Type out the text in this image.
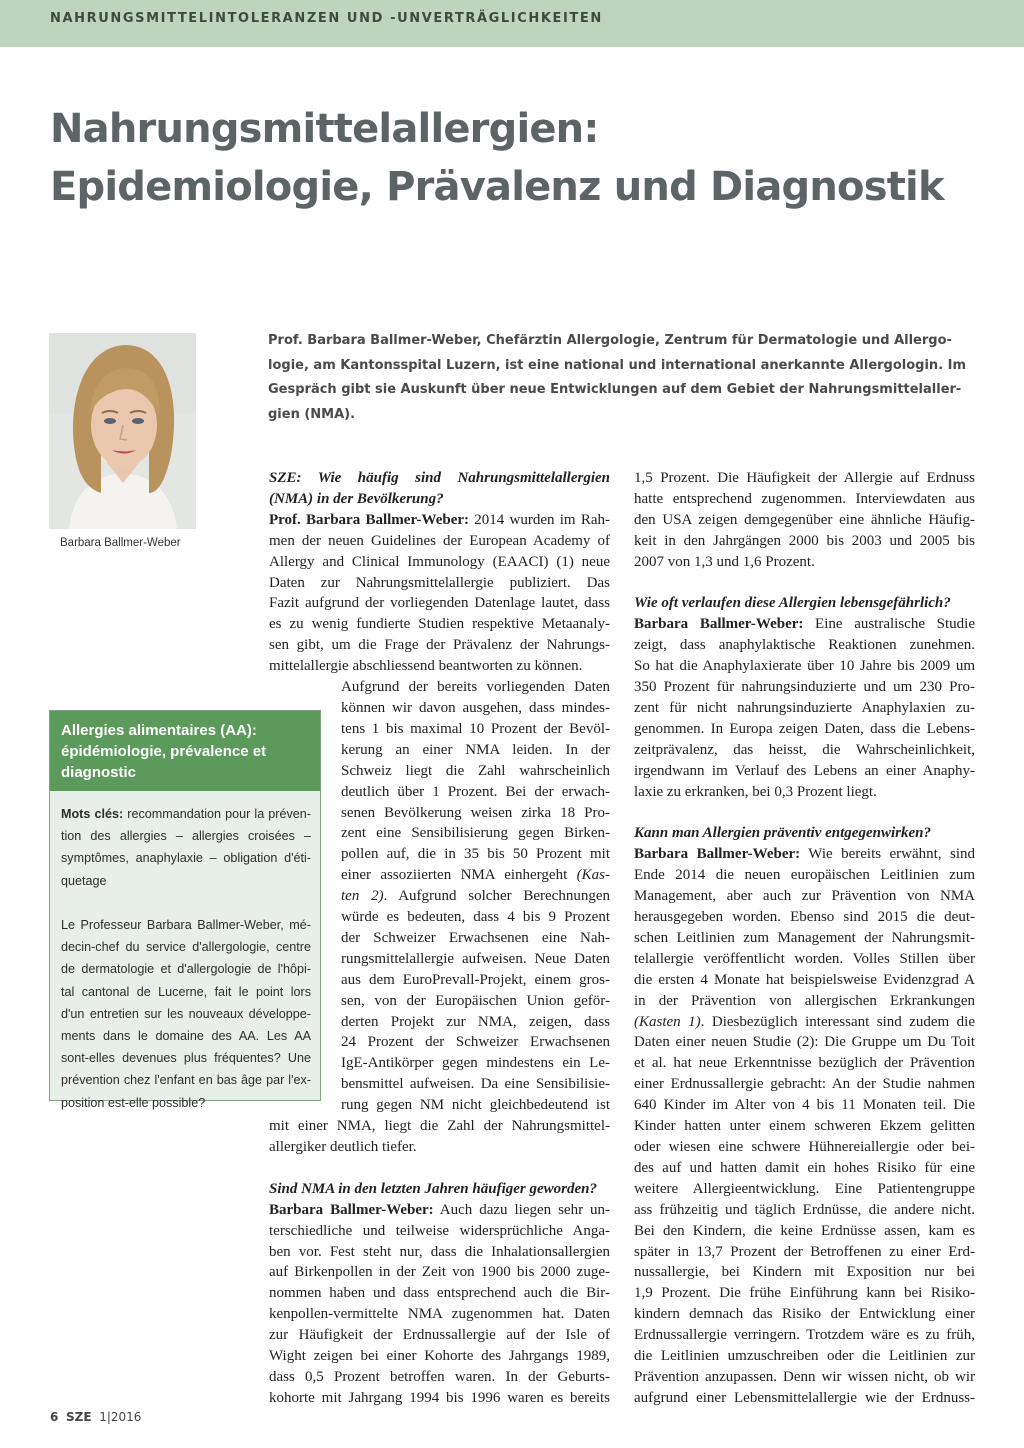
NAHRUNGSMITTELINTOLERANZEN UND -UNVERTRÄGLICHKEITEN
Nahrungsmittelallergien:
Epidemiologie, Prävalenz und Diagnostik
Barbara Ballmer-Weber
Prof. Barbara Ballmer-Weber, Chefärztin Allergologie, Zentrum für Dermatologie und Allergo-
logie, am Kantonsspital Luzern, ist eine national und international anerkannte Allergologin. Im
Gespräch gibt sie Auskunft über neue Entwicklungen auf dem Gebiet der Nahrungsmittelaller-
gien (NMA).
SZE: Wie häufig sind Nahrungsmittelallergien
(NMA) in der Bevölkerung?
Prof. Barbara Ballmer-Weber: 2014 wurden im Rah-
men der neuen Guidelines der European Academy of
Allergy and Clinical Immunology (EAACI) (1) neue
Daten zur Nahrungsmittelallergie publiziert. Das
Fazit aufgrund der vorliegenden Datenlage lautet, dass
es zu wenig fundierte Studien respektive Metaanaly-
sen gibt, um die Frage der Prävalenz der Nahrungs-
mittelallergie abschliessend beantworten zu können.
Aufgrund der bereits vorliegenden Daten
können wir davon ausgehen, dass mindes-
tens 1 bis maximal 10 Prozent der Bevöl-
kerung an einer NMA leiden. In der
Schweiz liegt die Zahl wahrscheinlich
deutlich über 1 Prozent. Bei der erwach-
senen Bevölkerung weisen zirka 18 Pro-
zent eine Sensibilisierung gegen Birken-
pollen auf, die in 35 bis 50 Prozent mit
einer assoziierten NMA einhergeht (Kas-
ten 2). Aufgrund solcher Berechnungen
würde es bedeuten, dass 4 bis 9 Prozent
der Schweizer Erwachsenen eine Nah-
rungsmittelallergie aufweisen. Neue Daten
aus dem EuroPrevall-Projekt, einem gros-
sen, von der Europäischen Union geför-
derten Projekt zur NMA, zeigen, dass
24 Prozent der Schweizer Erwachsenen
IgE-Antikörper gegen mindestens ein Le-
bensmittel aufweisen. Da eine Sensibilisie-
rung gegen NM nicht gleichbedeutend ist
mit einer NMA, liegt die Zahl der Nahrungsmittel-
allergiker deutlich tiefer.
Sind NMA in den letzten Jahren häufiger geworden?
Barbara Ballmer-Weber: Auch dazu liegen sehr un-
terschiedliche und teilweise widersprüchliche Anga-
ben vor. Fest steht nur, dass die Inhalationsallergien
auf Birkenpollen in der Zeit von 1900 bis 2000 zuge-
nommen haben und dass entsprechend auch die Bir-
kenpollen-vermittelte NMA zugenommen hat. Daten
zur Häufigkeit der Erdnussallergie auf der Isle of
Wight zeigen bei einer Kohorte des Jahrgangs 1989,
dass 0,5 Prozent betroffen waren. In der Geburts-
kohorte mit Jahrgang 1994 bis 1996 waren es bereits
1,5 Prozent. Die Häufigkeit der Allergie auf Erdnuss
hatte entsprechend zugenommen. Interviewdaten aus
den USA zeigen demgegenüber eine ähnliche Häufig-
keit in den Jahrgängen 2000 bis 2003 und 2005 bis
2007 von 1,3 und 1,6 Prozent.
Wie oft verlaufen diese Allergien lebensgefährlich?
Barbara Ballmer-Weber: Eine australische Studie
zeigt, dass anaphylaktische Reaktionen zunehmen.
So hat die Anaphylaxierate über 10 Jahre bis 2009 um
350 Prozent für nahrungsinduzierte und um 230 Pro-
zent für nicht nahrungsinduzierte Anaphylaxien zu-
genommen. In Europa zeigen Daten, dass die Lebens-
zeitprävalenz, das heisst, die Wahrscheinlichkeit,
irgendwann im Verlauf des Lebens an einer Anaphy-
laxie zu erkranken, bei 0,3 Prozent liegt.
Kann man Allergien präventiv entgegenwirken?
Barbara Ballmer-Weber: Wie bereits erwähnt, sind
Ende 2014 die neuen europäischen Leitlinien zum
Management, aber auch zur Prävention von NMA
herausgegeben worden. Ebenso sind 2015 die deut-
schen Leitlinien zum Management der Nahrungsmit-
telallergie veröffentlicht worden. Volles Stillen über
die ersten 4 Monate hat beispielsweise Evidenzgrad A
in der Prävention von allergischen Erkrankungen
(Kasten 1). Diesbezüglich interessant sind zudem die
Daten einer neuen Studie (2): Die Gruppe um Du Toit
et al. hat neue Erkenntnisse bezüglich der Prävention
einer Erdnussallergie gebracht: An der Studie nahmen
640 Kinder im Alter von 4 bis 11 Monaten teil. Die
Kinder hatten unter einem schweren Ekzem gelitten
oder wiesen eine schwere Hühnereiallergie oder bei-
des auf und hatten damit ein hohes Risiko für eine
weitere Allergieentwicklung. Eine Patientengruppe
ass frühzeitig und täglich Erdnüsse, die andere nicht.
Bei den Kindern, die keine Erdnüsse assen, kam es
später in 13,7 Prozent der Betroffenen zu einer Erd-
nussallergie, bei Kindern mit Exposition nur bei
1,9 Prozent. Die frühe Einführung kann bei Risiko-
kindern demnach das Risiko der Entwicklung einer
Erdnussallergie verringern. Trotzdem wäre es zu früh,
die Leitlinien umzuschreiben oder die Leitlinien zur
Prävention anzupassen. Denn wir wissen nicht, ob wir
aufgrund einer Lebensmittelallergie wie der Erdnuss-
Allergies alimentaires (AA):
épidémiologie, prévalence et
diagnostic
Mots clés: recommandation pour la préven-
tion des allergies – allergies croisées –
symptômes, anaphylaxie – obligation d'éti-
quetage
Le Professeur Barbara Ballmer-Weber, mé-
decin-chef du service d'allergologie, centre
de dermatologie et d'allergologie de l'hôpi-
tal cantonal de Lucerne, fait le point lors
d'un entretien sur les nouveaux développe-
ments dans le domaine des AA. Les AA
sont-elles devenues plus fréquentes? Une
prévention chez l'enfant en bas âge par l'ex-
position est-elle possible?
6 SZE 1|2016
